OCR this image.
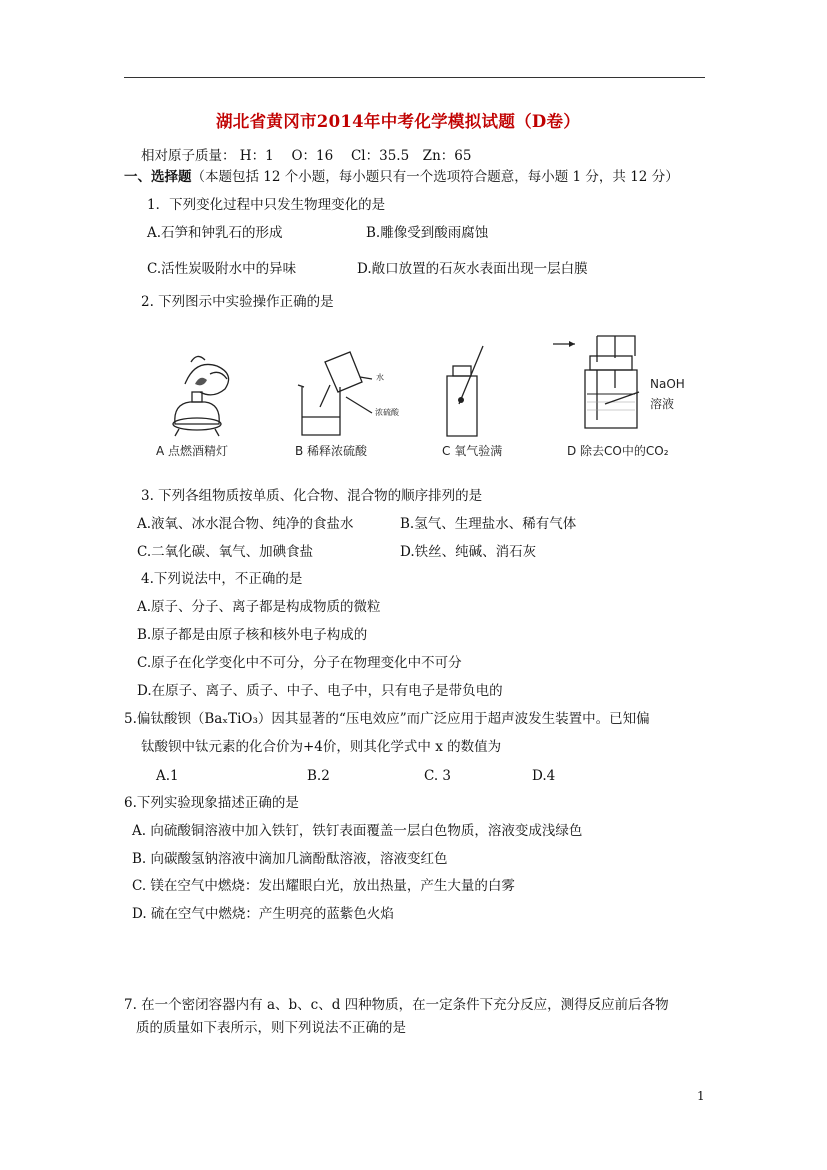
湖北省黄冈市2014年中考化学模拟试题（D卷）
相对原子质量： H：1 　O：16 　Cl：35.5　Zn：65
一、选择题（本题包括 12 个小题，每小题只有一个选项符合题意，每小题 1 分，共 12 分）
1．下列变化过程中只发生物理变化的是
A.石笋和钟乳石的形成	B.雕像受到酸雨腐蚀
C.活性炭吸附水中的异味	D.敞口放置的石灰水表面出现一层白膜
2. 下列图示中实验操作正确的是
水
浓硫酸
NaOH
溶液
A 点燃酒精灯	B 稀释浓硫酸	C 氧气验满	D 除去CO中的CO₂
3. 下列各组物质按单质、化合物、混合物的顺序排列的是
A.液氧、冰水混合物、纯净的食盐水	B.氢气、生理盐水、稀有气体
C.二氧化碳、氧气、加碘食盐	D.铁丝、纯碱、消石灰
4.下列说法中，不正确的是
A.原子、分子、离子都是构成物质的微粒
B.原子都是由原子核和核外电子构成的
C.原子在化学变化中不可分，分子在物理变化中不可分
D.在原子、离子、质子、中子、电子中，只有电子是带负电的
5.偏钛酸钡（BaₓTiO₃）因其显著的“压电效应”而广泛应用于超声波发生装置中。已知偏
钛酸钡中钛元素的化合价为+4价，则其化学式中 x 的数值为
A.1	B.2	C. 3	D.4
6.下列实验现象描述正确的是
A. 向硫酸铜溶液中加入铁钉，铁钉表面覆盖一层白色物质，溶液变成浅绿色
B. 向碳酸氢钠溶液中滴加几滴酚酞溶液，溶液变红色
C. 镁在空气中燃烧：发出耀眼白光，放出热量，产生大量的白雾
D. 硫在空气中燃烧：产生明亮的蓝紫色火焰
7. 在一个密闭容器内有 a、b、c、d 四种物质，在一定条件下充分反应，测得反应前后各物
质的质量如下表所示，则下列说法不正确的是
1
